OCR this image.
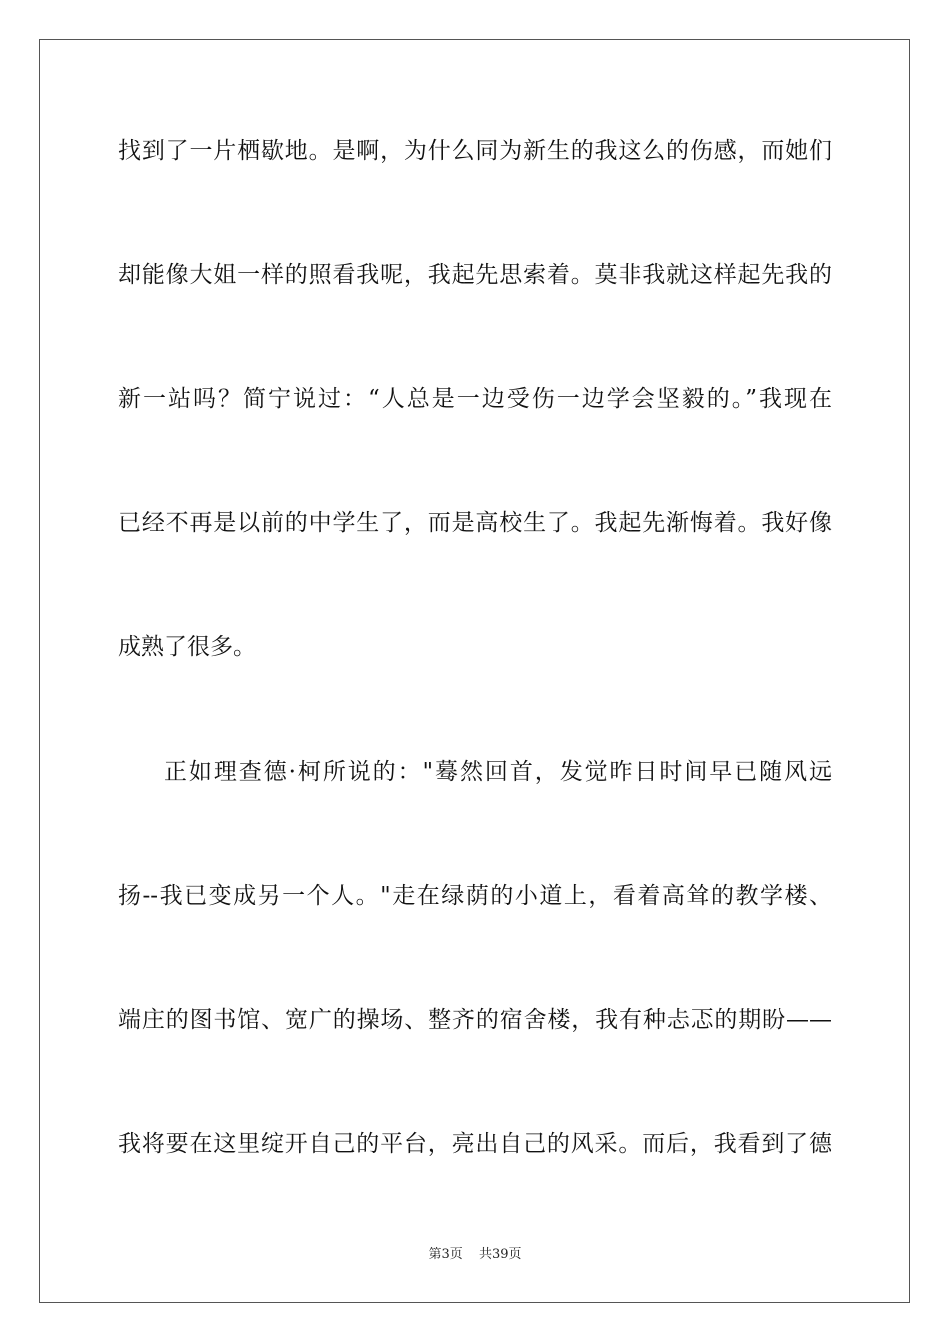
找到了一片栖歇地。是啊，为什么同为新生的我这么的伤感，而她们
却能像大姐一样的照看我呢，我起先思索着。莫非我就这样起先我的
新一站吗？简宁说过：“人总是一边受伤一边学会坚毅的。”我现在
已经不再是以前的中学生了，而是高校生了。我起先渐悔着。我好像
成熟了很多。
正如理查德·柯所说的："蓦然回首，发觉昨日时间早已随风远
扬--我已变成另一个人。"走在绿荫的小道上，看着高耸的教学楼、
端庄的图书馆、宽广的操场、整齐的宿舍楼，我有种忐忑的期盼——
我将要在这里绽开自己的平台，亮出自己的风采。而后，我看到了德
第3页 共39页
